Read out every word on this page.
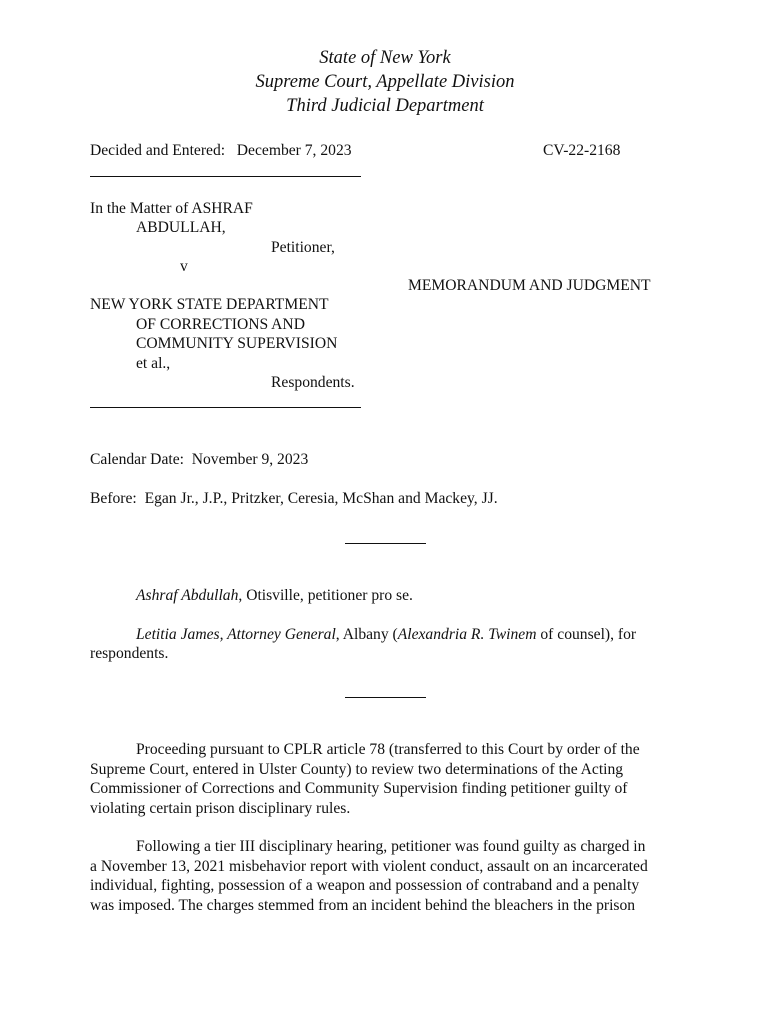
State of New York
Supreme Court, Appellate Division
Third Judicial Department
Decided and Entered: December 7, 2023	CV-22-2168
In the Matter of ASHRAF
ABDULLAH,
Petitioner,
v
MEMORANDUM AND JUDGMENT
NEW YORK STATE DEPARTMENT
OF CORRECTIONS AND
COMMUNITY SUPERVISION
et al.,
Respondents.
Calendar Date: November 9, 2023
Before: Egan Jr., J.P., Pritzker, Ceresia, McShan and Mackey, JJ.
Ashraf Abdullah, Otisville, petitioner pro se.
Letitia James, Attorney General, Albany (Alexandria R. Twinem of counsel), for
respondents.
Proceeding pursuant to CPLR article 78 (transferred to this Court by order of the
Supreme Court, entered in Ulster County) to review two determinations of the Acting
Commissioner of Corrections and Community Supervision finding petitioner guilty of
violating certain prison disciplinary rules.
Following a tier III disciplinary hearing, petitioner was found guilty as charged in
a November 13, 2021 misbehavior report with violent conduct, assault on an incarcerated
individual, fighting, possession of a weapon and possession of contraband and a penalty
was imposed. The charges stemmed from an incident behind the bleachers in the prison
